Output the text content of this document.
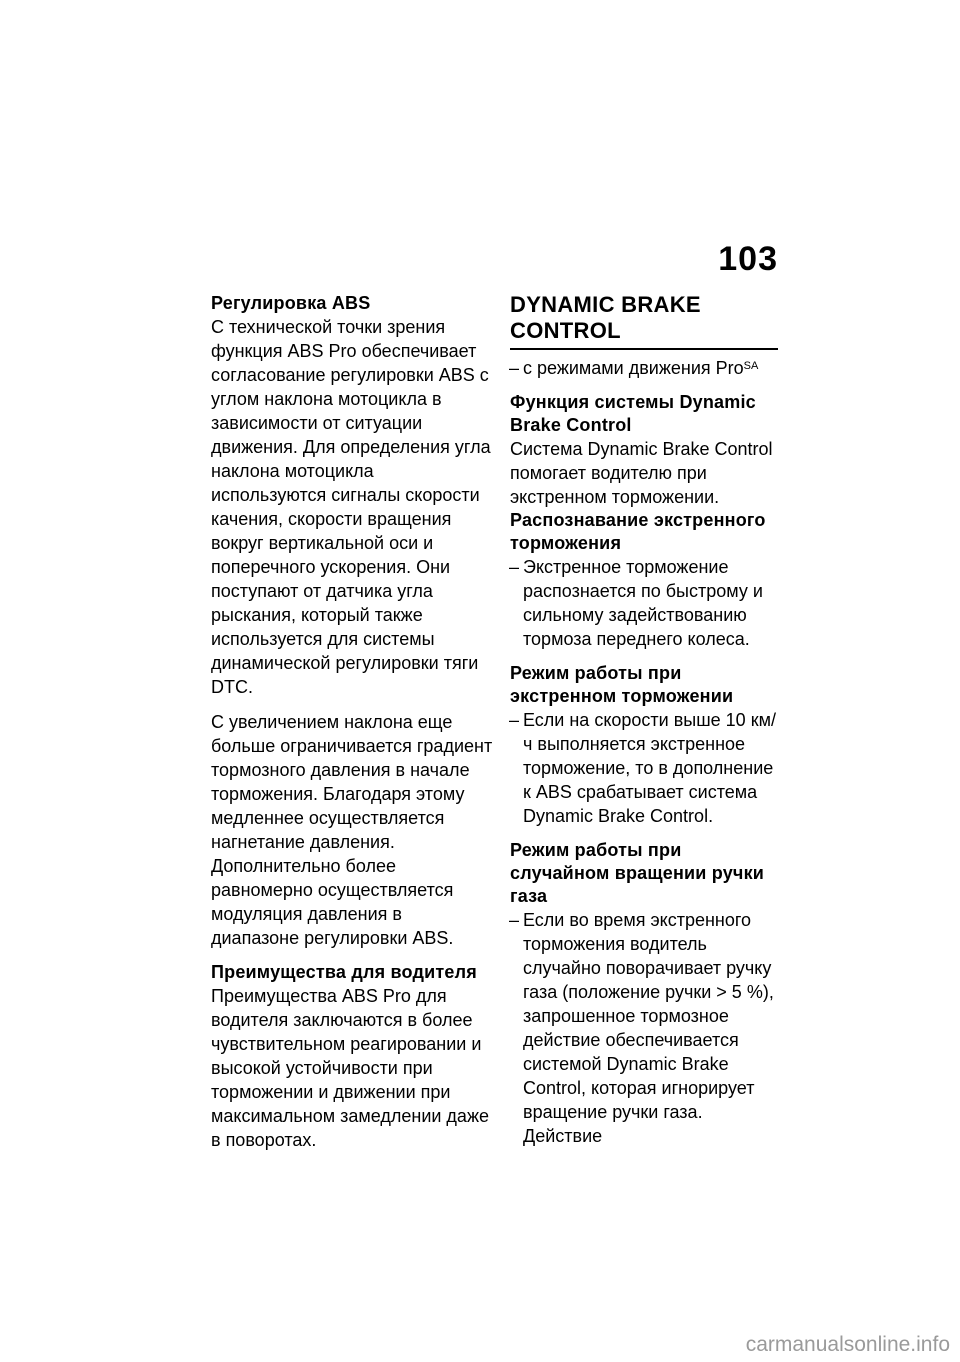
103
Регулировка ABS

С технической точки зрения функция ABS Pro обеспечивает согласование регулировки ABS с углом наклона мотоцикла в зависимости от ситуации движения. Для определения угла наклона мотоцикла используются сигналы скорости качения, скорости вращения вокруг вертикальной оси и поперечного ускорения. Они поступают от датчика угла рыскания, который также используется для системы динамической регулировки тяги DTC.

С увеличением наклона еще больше ограничивается градиент тормозного давления в начале торможения. Благодаря этому медленнее осуществляется нагнетание давления. Дополнительно более равномерно осуществляется модуляция давления в диапазоне регулировки ABS.

Преимущества для водителя

Преимущества ABS Pro для водителя заключаются в более чувствительном реагировании и высокой устойчивости при торможении и движении при максимальном замедлении даже в поворотах.

DYNAMIC BRAKE CONTROL
– с режимами движения Pro$^{SA}$
Функция системы Dynamic Brake Control

Система Dynamic Brake Control помогает водителю при экстренном торможении.

Распознавание экстренного торможения
– Экстренное торможение распознается по быстрому и сильному задействованию тормоза переднего колеса.
Режим работы при экстренном торможении
– Если на скорости выше 10 км/ч выполняется экстренное торможение, то в дополнение к ABS срабатывает система Dynamic Brake Control.
Режим работы при случайном вращении ручки газа
– Если во время экстренного торможения водитель случайно поворачивает ручку газа (положение ручки > 5 %), запрошенное тормозное действие обеспечивается системой Dynamic Brake Control, которая игнорирует вращение ручки газа. Действие
carmanualsonline.info
